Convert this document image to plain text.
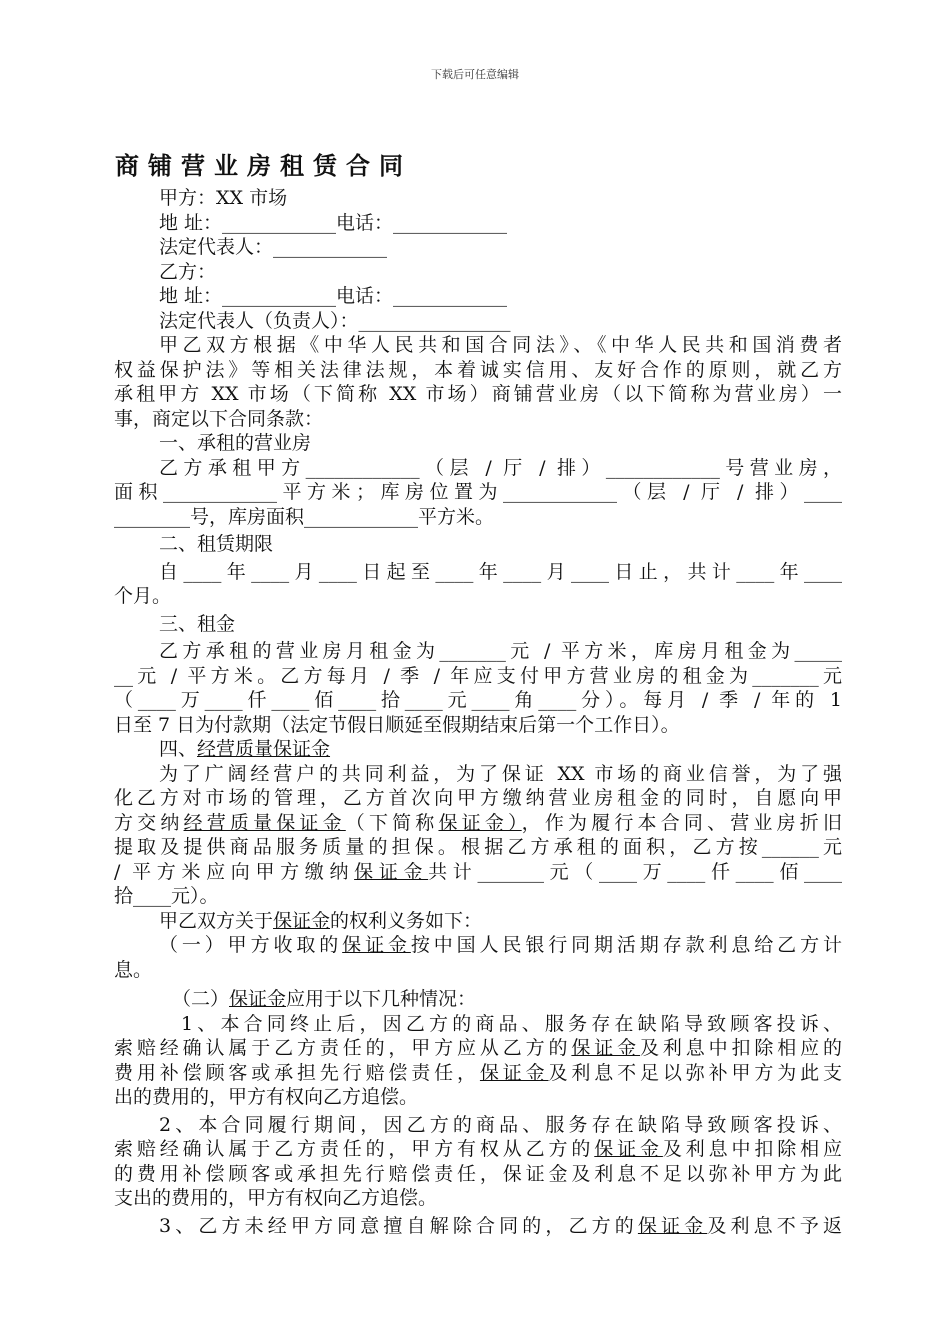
下载后可任意编辑
商铺营业房租赁合同
甲方：XX 市场
地 址：____________电话：____________
法定代表人：____________
乙方：
地 址：____________电话：____________
法定代表人（负责人）：________________
甲乙双方根据《中华人民共和国合同法》、《中华人民共和国消费者
权益保护法》等相关法律法规，本着诚实信用、友好合作的原则，就乙方
承租甲方 XX 市场（下简称 XX 市场）商铺营业房（以下简称为营业房）一
事，商定以下合同条款：
一、承租的营业房
乙方承租甲方____________（层 / 厅 / 排）____________号营业房，
面积____________平方米；库房位置为____________（层 / 厅 / 排）____
________号，库房面积____________平方米。
二、租赁期限
自____年____月____日起至____年____月____日止，共计____年____
个月。
三、租金
乙方承租的营业房月租金为_______元 / 平方米，库房月租金为_____
__元 / 平方米。乙方每月 / 季 / 年应支付甲方营业房的租金为_______元
（____万____仟____佰____拾____元____角____分）。每月 / 季 / 年的 1
日至 7 日为付款期（法定节假日顺延至假期结束后第一个工作日）。
四、经营质量保证金
为了广阔经营户的共同利益，为了保证 XX 市场的商业信誉，为了强
化乙方对市场的管理，乙方首次向甲方缴纳营业房租金的同时，自愿向甲
方交纳经营质量保证金（下简称保证金），作为履行本合同、营业房折旧
提取及提供商品服务质量的担保。根据乙方承租的面积，乙方按______元
/ 平方米应向甲方缴纳保证金共计_______元（____万____仟____佰____
拾____元）。
甲乙双方关于保证金的权利义务如下：
（一）甲方收取的保证金按中国人民银行同期活期存款利息给乙方计
息。
（二）保证金应用于以下几种情况：
1、本合同终止后，因乙方的商品、服务存在缺陷导致顾客投诉、
索赔经确认属于乙方责任的，甲方应从乙方的保证金及利息中扣除相应的
费用补偿顾客或承担先行赔偿责任，保证金及利息不足以弥补甲方为此支
出的费用的，甲方有权向乙方追偿。
2、本合同履行期间，因乙方的商品、服务存在缺陷导致顾客投诉、
索赔经确认属于乙方责任的，甲方有权从乙方的保证金及利息中扣除相应
的费用补偿顾客或承担先行赔偿责任，保证金及利息不足以弥补甲方为此
支出的费用的，甲方有权向乙方追偿。
3、乙方未经甲方同意擅自解除合同的，乙方的保证金及利息不予返
